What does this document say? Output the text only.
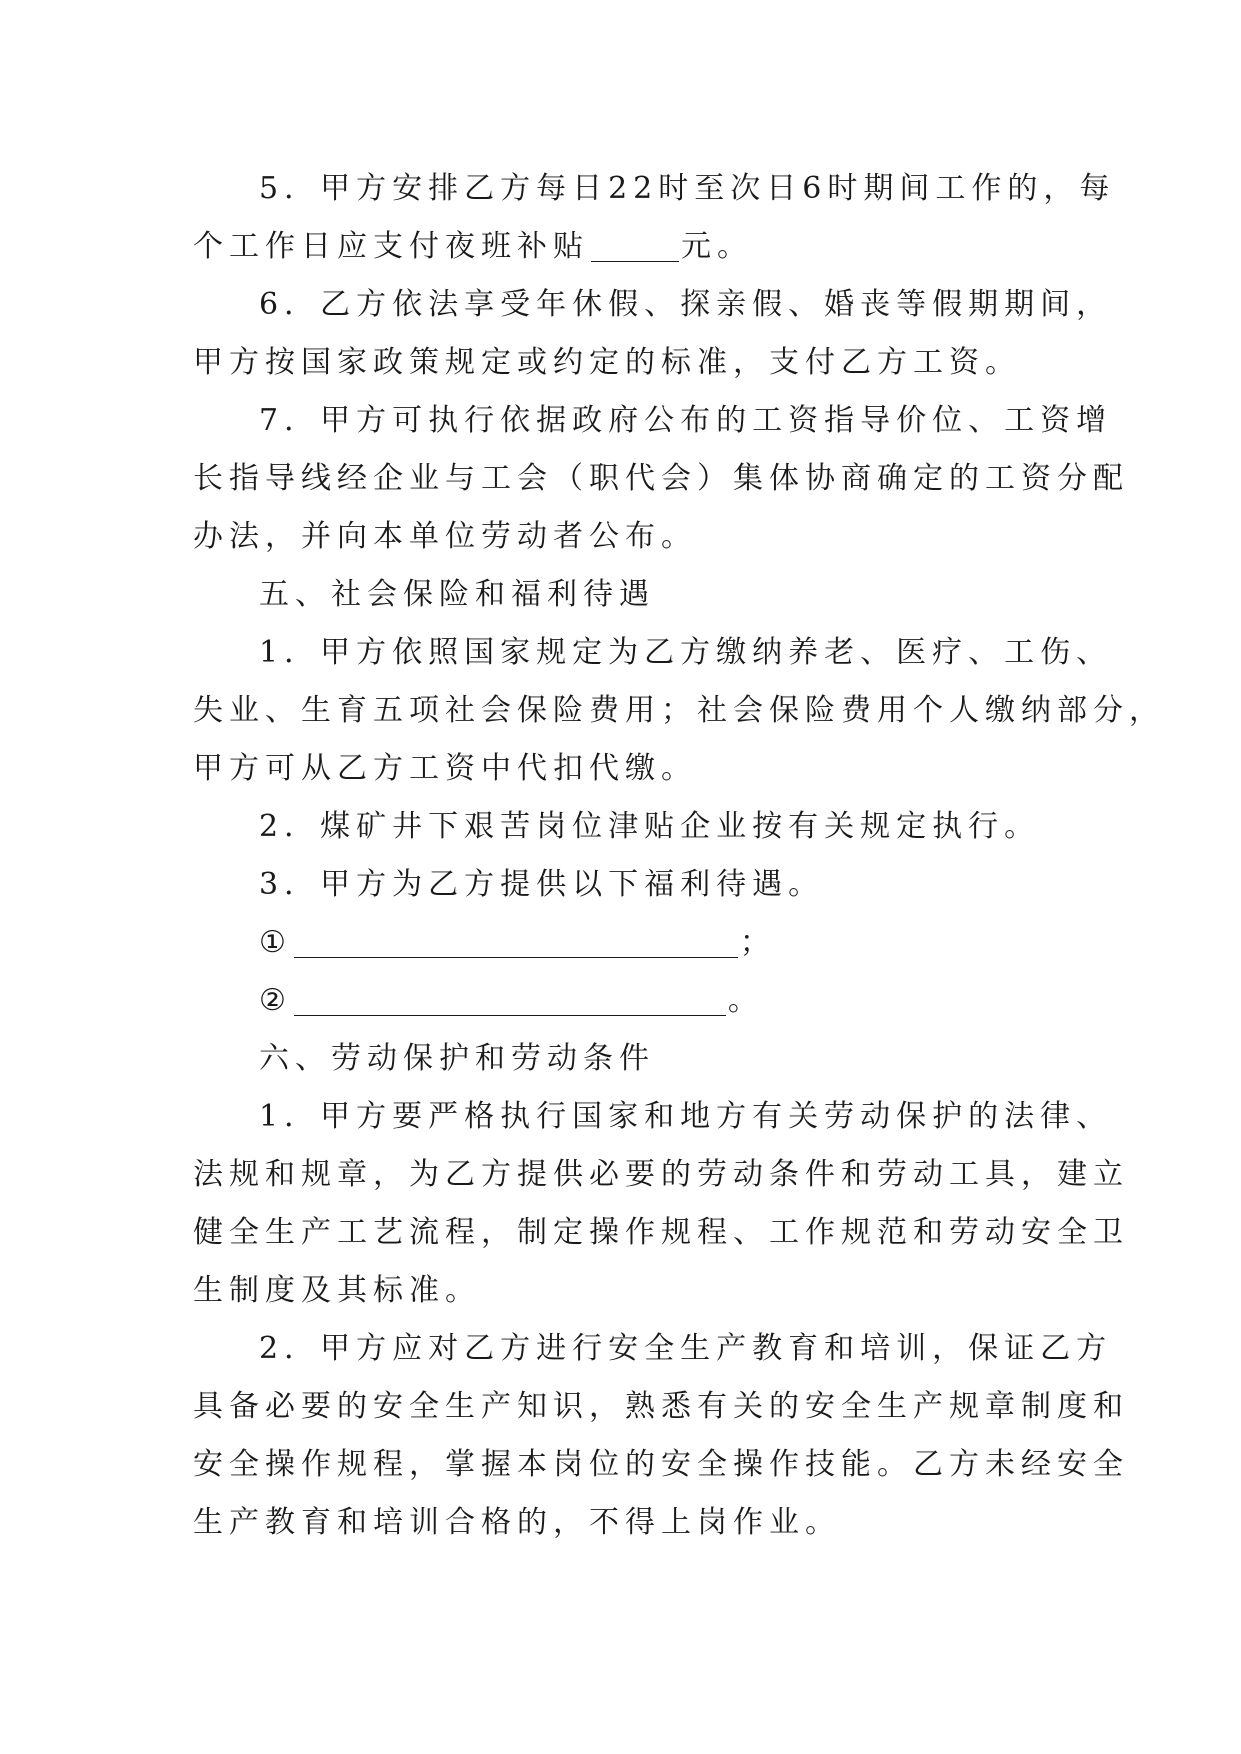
5．甲方安排乙方每日22时至次日6时期间工作的，每
个工作日应支付夜班补贴	元。
6．乙方依法享受年休假、探亲假、婚丧等假期期间，
甲方按国家政策规定或约定的标准，支付乙方工资。
7．甲方可执行依据政府公布的工资指导价位、工资增
长指导线经企业与工会（职代会）集体协商确定的工资分配
办法，并向本单位劳动者公布。
五、社会保险和福利待遇
1．甲方依照国家规定为乙方缴纳养老、医疗、工伤、
失业、生育五项社会保险费用；社会保险费用个人缴纳部分，
甲方可从乙方工资中代扣代缴。
2．煤矿井下艰苦岗位津贴企业按有关规定执行。
3．甲方为乙方提供以下福利待遇。
①	；
②	。
六、劳动保护和劳动条件
1．甲方要严格执行国家和地方有关劳动保护的法律、
法规和规章，为乙方提供必要的劳动条件和劳动工具，建立
健全生产工艺流程，制定操作规程、工作规范和劳动安全卫
生制度及其标准。
2．甲方应对乙方进行安全生产教育和培训，保证乙方
具备必要的安全生产知识，熟悉有关的安全生产规章制度和
安全操作规程，掌握本岗位的安全操作技能。乙方未经安全
生产教育和培训合格的，不得上岗作业。
